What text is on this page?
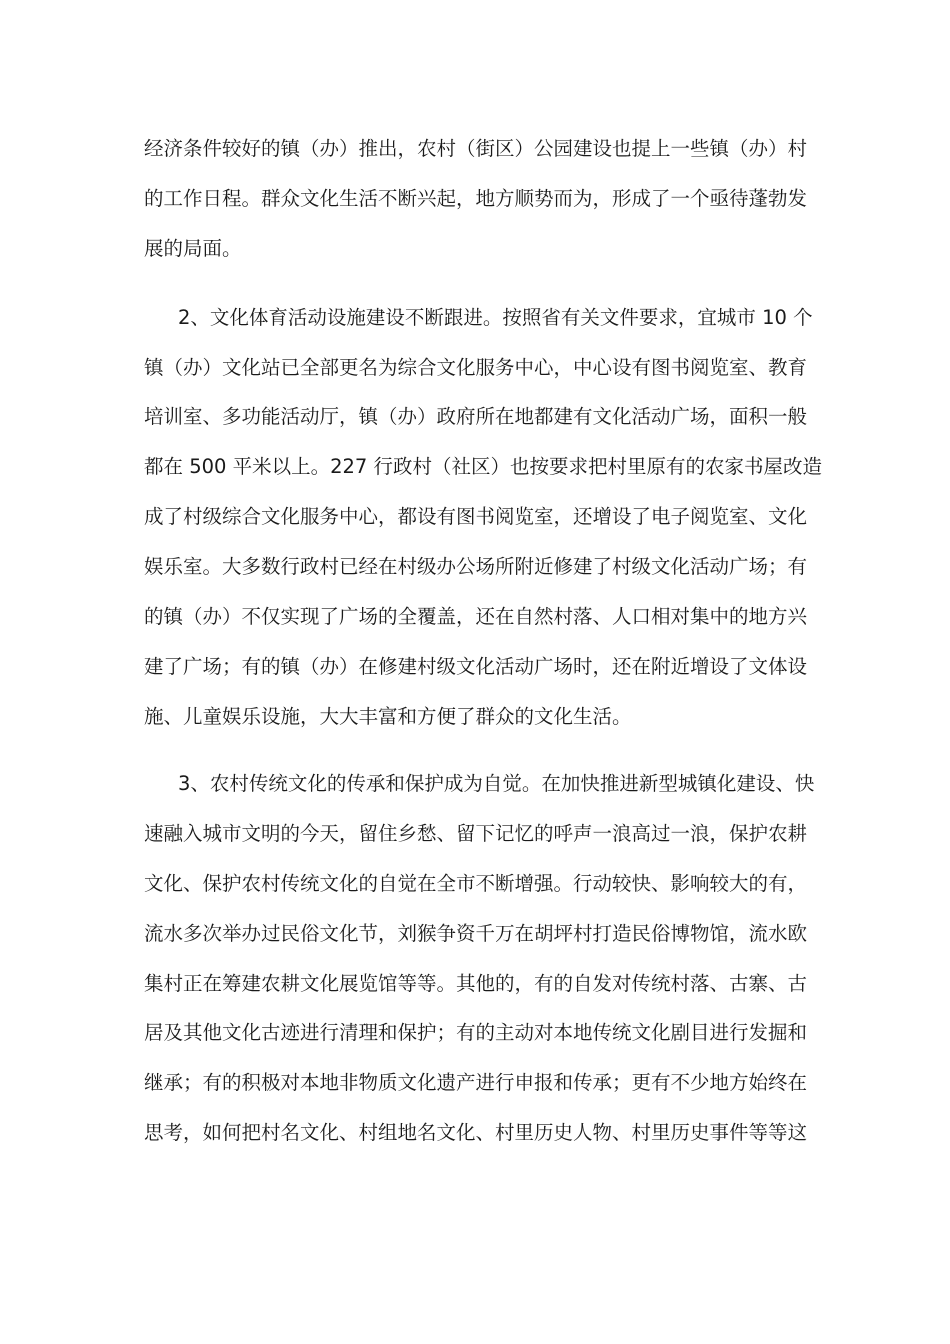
经济条件较好的镇（办）推出，农村（街区）公园建设也提上一些镇（办）村
的工作日程。群众文化生活不断兴起，地方顺势而为，形成了一个亟待蓬勃发
展的局面。
2、文化体育活动设施建设不断跟进。按照省有关文件要求，宜城市 10 个
镇（办）文化站已全部更名为综合文化服务中心，中心设有图书阅览室、教育
培训室、多功能活动厅，镇（办）政府所在地都建有文化活动广场，面积一般
都在 500 平米以上。227 行政村（社区）也按要求把村里原有的农家书屋改造
成了村级综合文化服务中心，都设有图书阅览室，还增设了电子阅览室、文化
娱乐室。大多数行政村已经在村级办公场所附近修建了村级文化活动广场；有
的镇（办）不仅实现了广场的全覆盖，还在自然村落、人口相对集中的地方兴
建了广场；有的镇（办）在修建村级文化活动广场时，还在附近增设了文体设
施、儿童娱乐设施，大大丰富和方便了群众的文化生活。
3、农村传统文化的传承和保护成为自觉。在加快推进新型城镇化建设、快
速融入城市文明的今天，留住乡愁、留下记忆的呼声一浪高过一浪，保护农耕
文化、保护农村传统文化的自觉在全市不断增强。行动较快、影响较大的有，
流水多次举办过民俗文化节，刘猴争资千万在胡坪村打造民俗博物馆，流水欧
集村正在筹建农耕文化展览馆等等。其他的，有的自发对传统村落、古寨、古
居及其他文化古迹进行清理和保护；有的主动对本地传统文化剧目进行发掘和
继承；有的积极对本地非物质文化遗产进行申报和传承；更有不少地方始终在
思考，如何把村名文化、村组地名文化、村里历史人物、村里历史事件等等这
